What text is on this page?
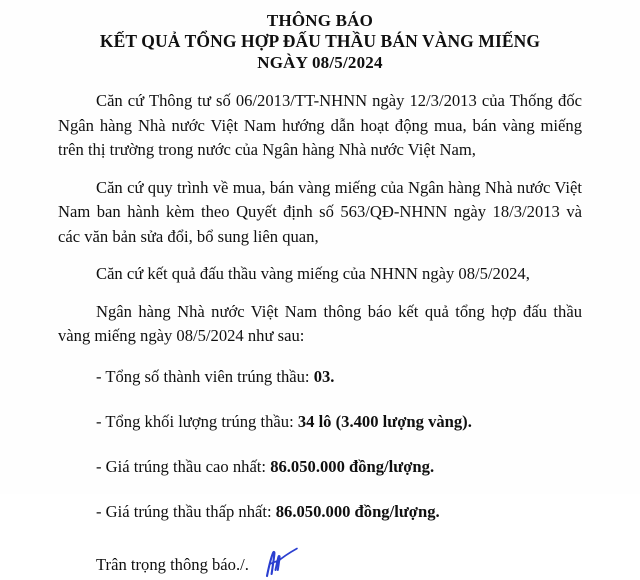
THÔNG BÁO
KẾT QUẢ TỔNG HỢP ĐẤU THẦU BÁN VÀNG MIẾNG
NGÀY 08/5/2024

Căn cứ Thông tư số 06/2013/TT-NHNN ngày 12/3/2013 của Thống đốc Ngân hàng Nhà nước Việt Nam hướng dẫn hoạt động mua, bán vàng miếng trên thị trường trong nước của Ngân hàng Nhà nước Việt Nam,

Căn cứ quy trình về mua, bán vàng miếng của Ngân hàng Nhà nước Việt Nam ban hành kèm theo Quyết định số 563/QĐ-NHNN ngày 18/3/2013 và các văn bản sửa đổi, bổ sung liên quan,

Căn cứ kết quả đấu thầu vàng miếng của NHNN ngày 08/5/2024,

Ngân hàng Nhà nước Việt Nam thông báo kết quả tổng hợp đấu thầu vàng miếng ngày 08/5/2024 như sau:

- Tổng số thành viên trúng thầu: 03.
- Tổng khối lượng trúng thầu: 34 lô (3.400 lượng vàng).
- Giá trúng thầu cao nhất: 86.050.000 đồng/lượng.
- Giá trúng thầu thấp nhất: 86.050.000 đồng/lượng.
Trân trọng thông báo./.
